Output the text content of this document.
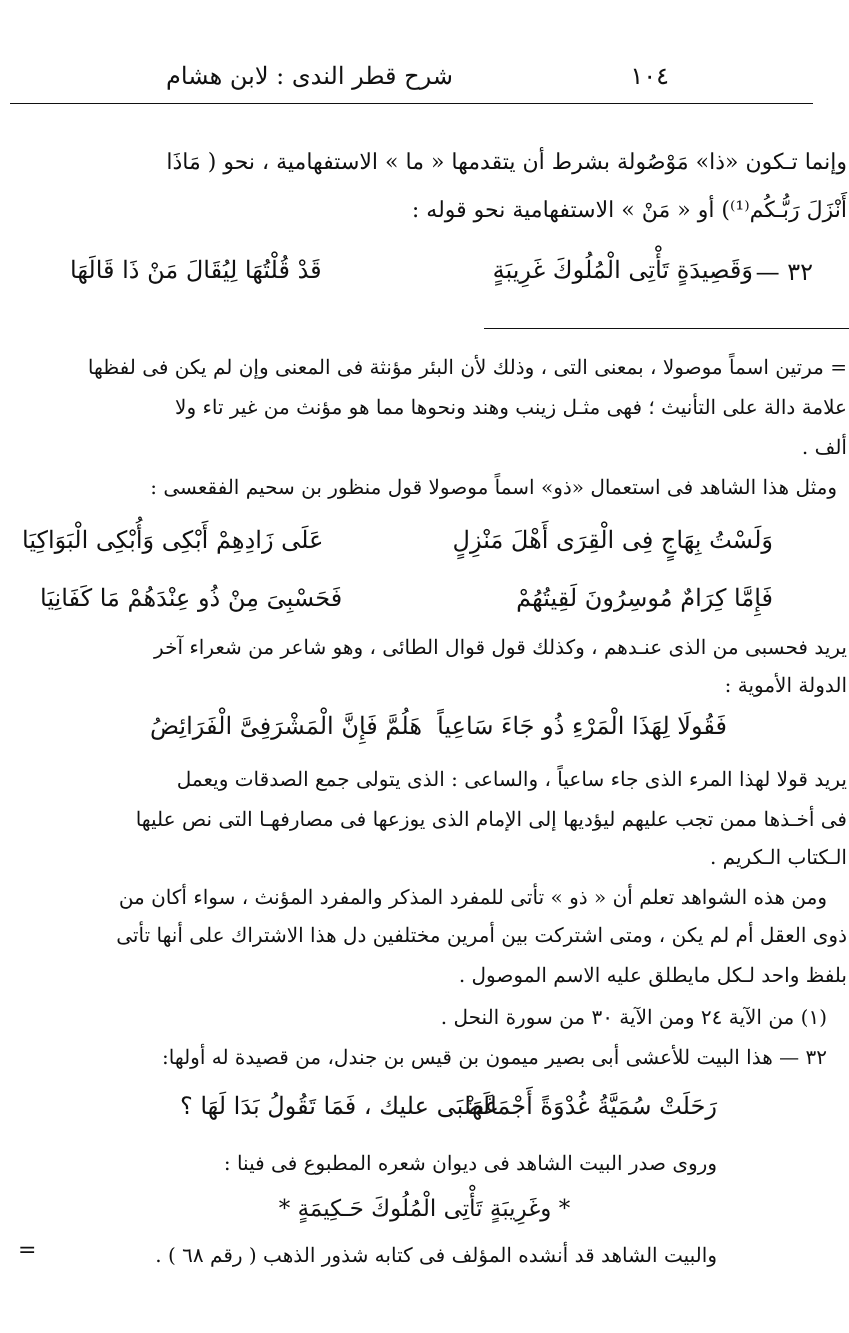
١٠٤
شرح قطر الندى : لابن هشام
وإنما تـكون «ذا» مَوْصُولة بشرط أن يتقدمها « ما » الاستفهامية ، نحو ( مَاذَا
أَنْزَلَ رَبُّـكُم⁽¹⁾) أو « مَنْ » الاستفهامية نحو قوله :
٣٢ —
وَقَصِيدَةٍ تَأْتِى الْمُلُوكَ غَرِيبَةٍ
قَدْ قُلْتُهَا لِيُقَالَ مَنْ ذَا قَالَهَا
= مرتين اسماً موصولا ، بمعنى التى ، وذلك لأن البئر مؤنثة فى المعنى وإن لم يكن فى لفظها
علامة دالة على التأنيث ؛ فهى مثـل زينب وهند ونحوها مما هو مؤنث من غير تاء ولا
ألف .
ومثل هذا الشاهد فى استعمال «ذو» اسماً موصولا قول منظور بن سحيم الفقعسى :
وَلَسْتُ بِهَاجٍ فِى الْقِرَى أَهْلَ مَنْزِلٍ
عَلَى زَادِهِمْ أَبْكِى وَأُبْكِى الْبَوَاكِيَا
فَإِمَّا كِرَامٌ مُوسِرُونَ لَقِيتُهُمْ
فَحَسْبِىَ مِنْ ذُو عِنْدَهُمْ مَا كَفَانِيَا
يريد فحسبى من الذى عنـدهم ، وكذلك قول قوال الطائى ، وهو شاعر من شعراء آخر
الدولة الأموية :
فَقُولَا لِهَذَا الْمَرْءِ ذُو جَاءَ سَاعِياً
هَلُمَّ فَإِنَّ الْمَشْرَفِىَّ الْفَرَائِضُ
يريد قولا لهذا المرء الذى جاء ساعياً ، والساعى : الذى يتولى جمع الصدقات ويعمل
فى أخـذها ممن تجب عليهم ليؤديها إلى الإمام الذى يوزعها فى مصارفهـا التى نص عليها
الـكتاب الـكريم .
ومن هذه الشواهد تعلم أن « ذو » تأتى للمفرد المذكر والمفرد المؤنث ، سواء أكان من
ذوى العقل أم لم يكن ، ومتى اشتركت بين أمرين مختلفين دل هذا الاشتراك على أنها تأتى
بلفظ واحد لـكل مايطلق عليه الاسم الموصول .
(١) من الآية ٢٤ ومن الآية ٣٠ من سورة النحل .
٣٢ — هذا البيت للأعشى أبى بصير ميمون بن قيس بن جندل، من قصيدة له أولها:
رَحَلَتْ سُمَيَّةُ غُدْوَةً أَجْمَالَهَا
غَضْبَى عليك ، فَمَا تَقُولُ بَدَا لَهَا ؟
وروى صدر البيت الشاهد فى ديوان شعره المطبوع فى فينا :
* وغَرِيبَةٍ تَأْتِى الْمُلُوكَ حَـكِيمَةٍ *
والبيت الشاهد قد أنشده المؤلف فى كتابه شذور الذهب ( رقم ٦٨ ) .
=
